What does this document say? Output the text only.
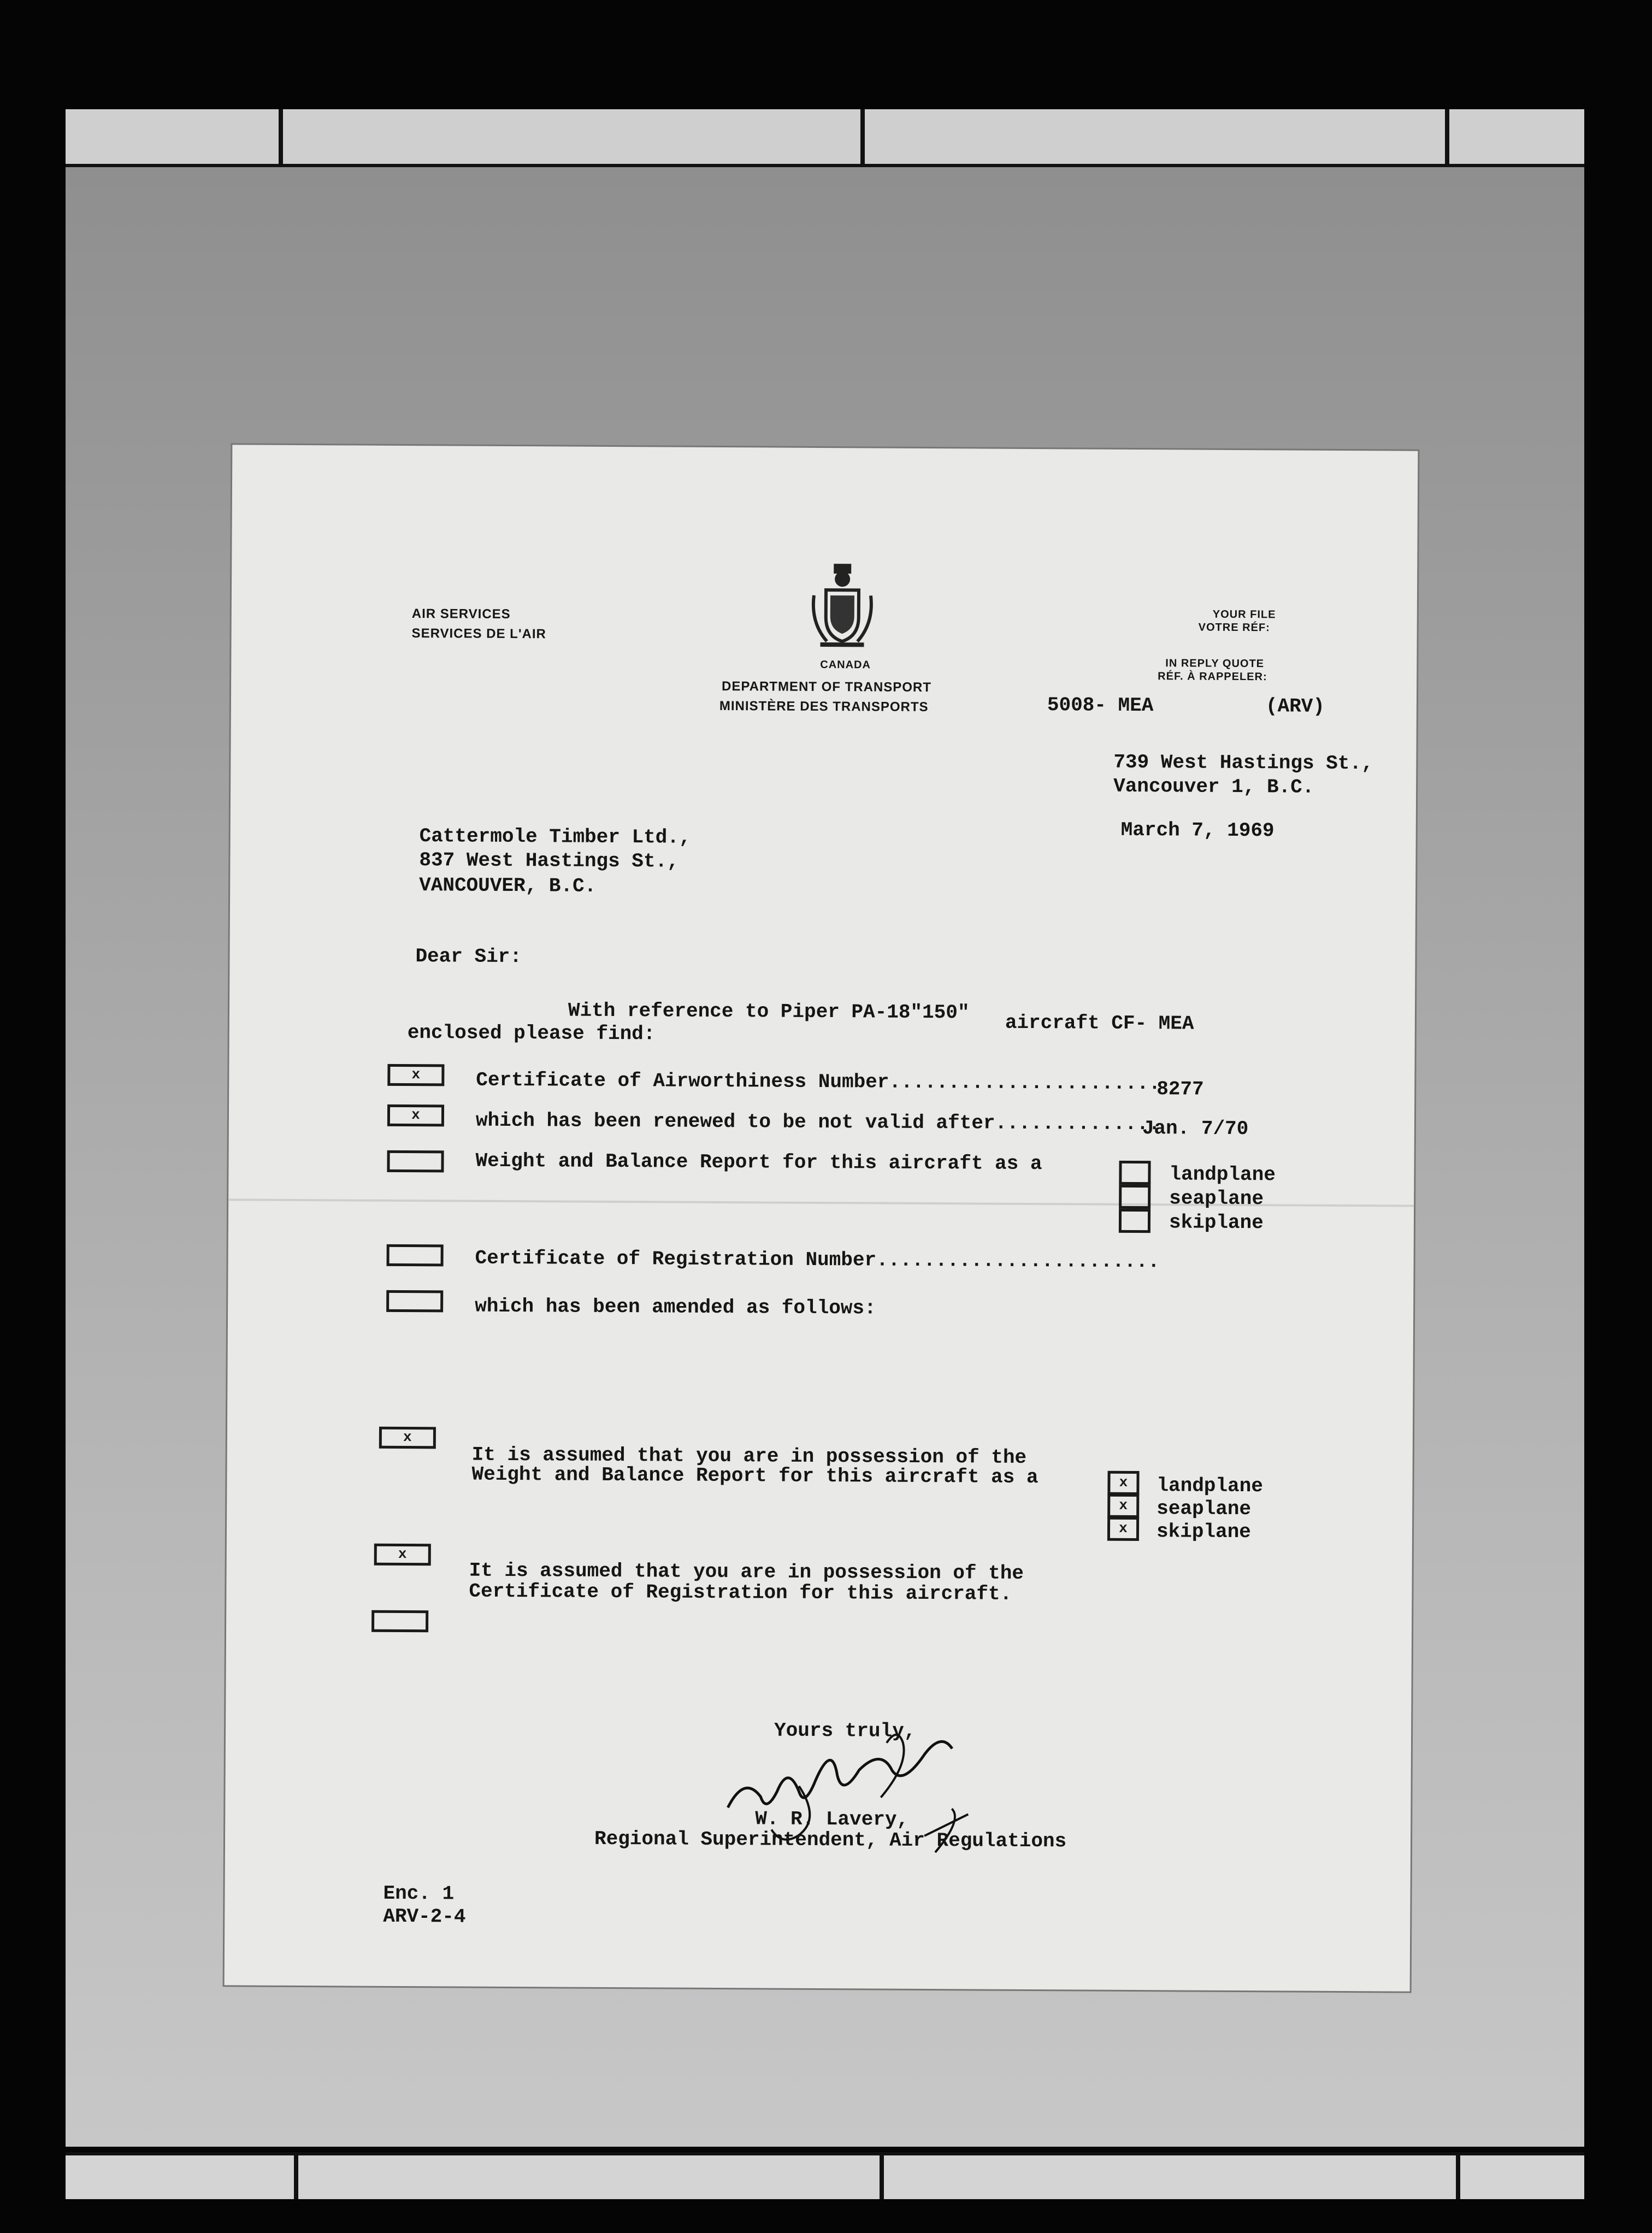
AIR SERVICES
SERVICES DE L'AIR
CANADA
DEPARTMENT OF TRANSPORT
MINISTÈRE DES TRANSPORTS
YOUR FILE
VOTRE RÉF:
IN REPLY QUOTE
RÉF. À RAPPELER:
5008- MEA	(ARV)
739 West Hastings St.,
Vancouver 1, B.C.
March 7, 1969
Cattermole Timber Ltd.,
837 West Hastings St.,
VANCOUVER, B.C.
Dear Sir:
With reference to Piper PA-18"150" aircraft CF- MEA
enclosed please find:
x	Certificate of Airworthiness Number.......................
8277
x	which has been renewed to be not valid after..............
Jan. 7/70
Weight and Balance Report for this aircraft as a	landplane
seaplane
skiplane
Certificate of Registration Number........................
which has been amended as follows:
x
It is assumed that you are in possession of the
Weight and Balance Report for this aircraft as a	x	landplane
x	seaplane
x	skiplane
x
It is assumed that you are in possession of the
Certificate of Registration for this aircraft.
Yours truly,
W. R. Lavery,
Regional Superintendent, Air Regulations
Enc. 1
ARV-2-4
